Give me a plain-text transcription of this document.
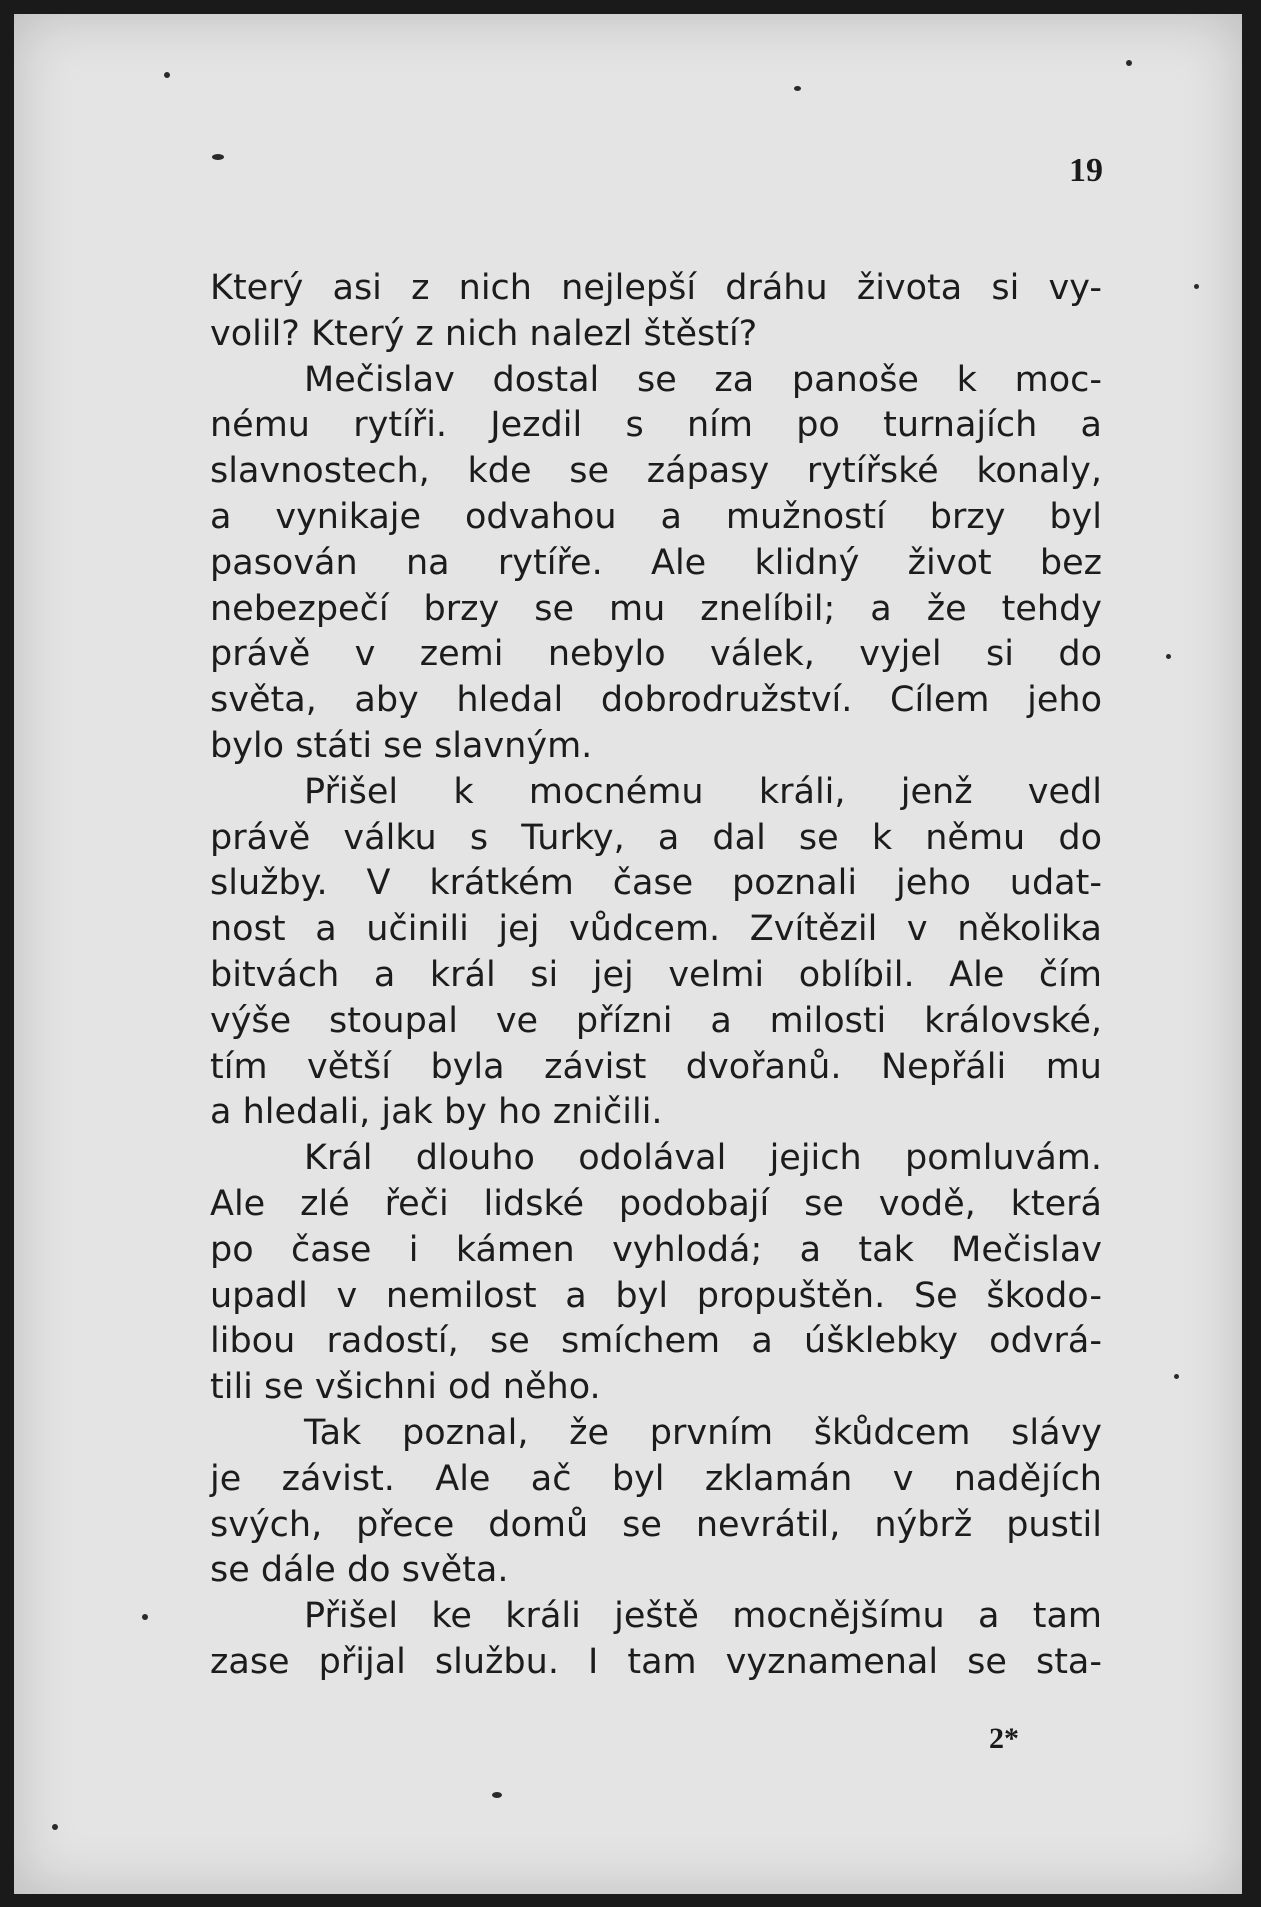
19
Který asi z nich nejlepší dráhu života si vy-
volil? Který z nich nalezl štěstí?
Mečislav dostal se za panoše k moc-
nému rytíři. Jezdil s ním po turnajích a
slavnostech, kde se zápasy rytířské konaly,
a vynikaje odvahou a mužností brzy byl
pasován na rytíře. Ale klidný život bez
nebezpečí brzy se mu znelíbil; a že tehdy
právě v zemi nebylo válek, vyjel si do
světa, aby hledal dobrodružství. Cílem jeho
bylo státi se slavným.
Přišel k mocnému králi, jenž vedl
právě válku s Turky, a dal se k němu do
služby. V krátkém čase poznali jeho udat-
nost a učinili jej vůdcem. Zvítězil v několika
bitvách a král si jej velmi oblíbil. Ale čím
výše stoupal ve přízni a milosti královské,
tím větší byla závist dvořanů. Nepřáli mu
a hledali, jak by ho zničili.
Král dlouho odolával jejich pomluvám.
Ale zlé řeči lidské podobají se vodě, která
po čase i kámen vyhlodá; a tak Mečislav
upadl v nemilost a byl propuštěn. Se škodo-
libou radostí, se smíchem a úšklebky odvrá-
tili se všichni od něho.
Tak poznal, že prvním škůdcem slávy
je závist. Ale ač byl zklamán v nadějích
svých, přece domů se nevrátil, nýbrž pustil
se dále do světa.
Přišel ke králi ještě mocnějšímu a tam
zase přijal službu. I tam vyznamenal se sta-
2*
